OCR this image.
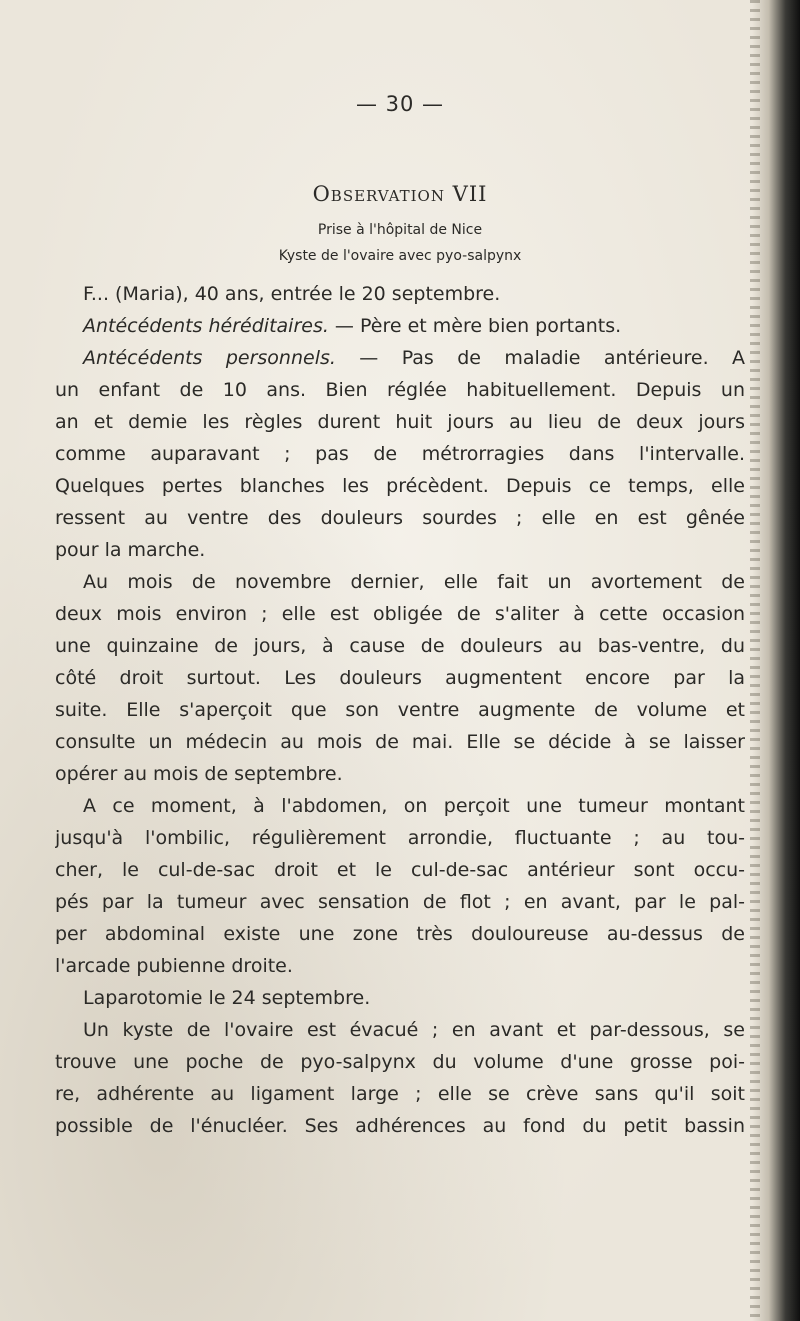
— 30 —
Observation VII
Prise à l'hôpital de Nice
Kyste de l'ovaire avec pyo-salpynx
F... (Maria), 40 ans, entrée le 20 septembre.
Antécédents héréditaires. — Père et mère bien portants.
Antécédents personnels. — Pas de maladie antérieure. A
un enfant de 10 ans. Bien réglée habituellement. Depuis un
an et demie les règles durent huit jours au lieu de deux jours
comme auparavant ; pas de métrorragies dans l'intervalle.
Quelques pertes blanches les précèdent. Depuis ce temps, elle
ressent au ventre des douleurs sourdes ; elle en est gênée
pour la marche.
Au mois de novembre dernier, elle fait un avortement de
deux mois environ ; elle est obligée de s'aliter à cette occasion
une quinzaine de jours, à cause de douleurs au bas-ventre, du
côté droit surtout. Les douleurs augmentent encore par la
suite. Elle s'aperçoit que son ventre augmente de volume et
consulte un médecin au mois de mai. Elle se décide à se laisser
opérer au mois de septembre.
A ce moment, à l'abdomen, on perçoit une tumeur montant
jusqu'à l'ombilic, régulièrement arrondie, fluctuante ; au tou-
cher, le cul-de-sac droit et le cul-de-sac antérieur sont occu-
pés par la tumeur avec sensation de flot ; en avant, par le pal-
per abdominal existe une zone très douloureuse au-dessus de
l'arcade pubienne droite.
Laparotomie le 24 septembre.
Un kyste de l'ovaire est évacué ; en avant et par-dessous, se
trouve une poche de pyo-salpynx du volume d'une grosse poi-
re, adhérente au ligament large ; elle se crève sans qu'il soit
possible de l'énucléer. Ses adhérences au fond du petit bassin
